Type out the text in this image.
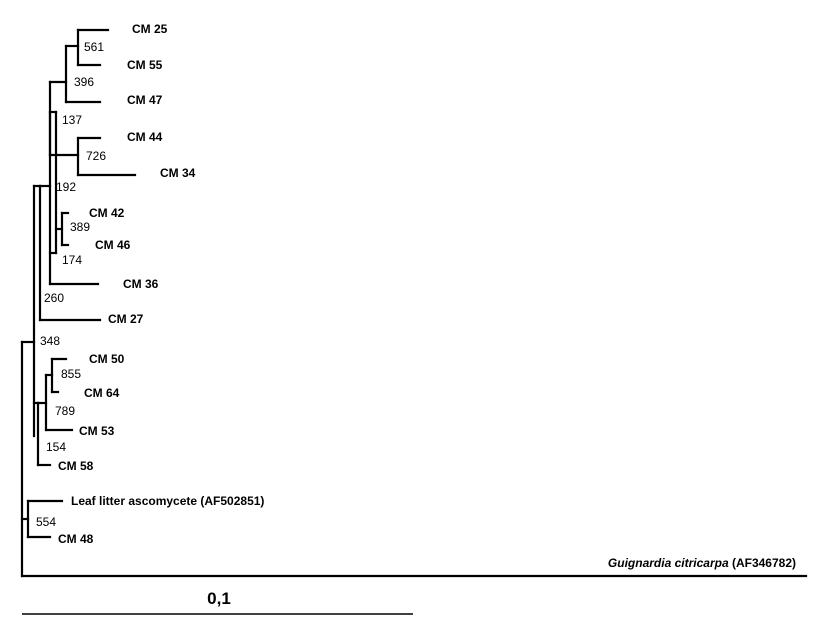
CM 25
CM 55
CM 47
CM 44
CM 34
CM 42
CM 46
CM 36
CM 27
CM 50
CM 64
CM 53
CM 58
Leaf litter ascomycete (AF502851)
CM 48
Guignardia citricarpa (AF346782)
561
396
137
726
192
389
174
260
348
855
789
154
554
0,1
